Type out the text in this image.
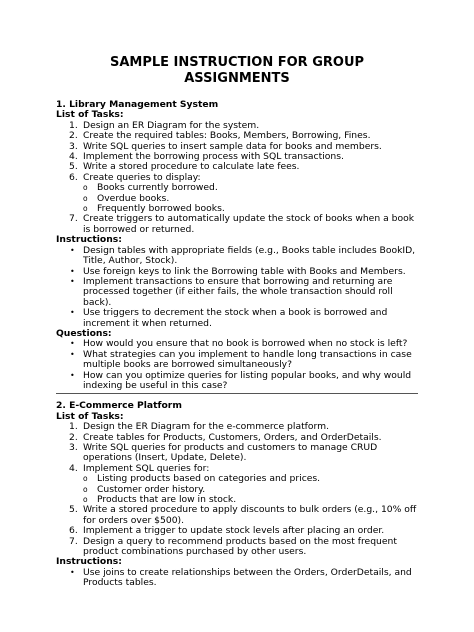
SAMPLE INSTRUCTION FOR GROUP ASSIGNMENTS
1. Library Management System
List of Tasks:
1. Design an ER Diagram for the system.
2. Create the required tables: Books, Members, Borrowing, Fines.
3. Write SQL queries to insert sample data for books and members.
4. Implement the borrowing process with SQL transactions.
5. Write a stored procedure to calculate late fees.
6. Create queries to display:
o Books currently borrowed.
o Overdue books.
o Frequently borrowed books.
7. Create triggers to automatically update the stock of books when a book is borrowed or returned.
Instructions:
• Design tables with appropriate fields (e.g., Books table includes BookID, Title, Author, Stock).
• Use foreign keys to link the Borrowing table with Books and Members.
• Implement transactions to ensure that borrowing and returning are processed together (if either fails, the whole transaction should roll back).
• Use triggers to decrement the stock when a book is borrowed and increment it when returned.
Questions:
• How would you ensure that no book is borrowed when no stock is left?
• What strategies can you implement to handle long transactions in case multiple books are borrowed simultaneously?
• How can you optimize queries for listing popular books, and why would indexing be useful in this case?
2. E-Commerce Platform
List of Tasks:
1. Design the ER Diagram for the e-commerce platform.
2. Create tables for Products, Customers, Orders, and OrderDetails.
3. Write SQL queries for products and customers to manage CRUD operations (Insert, Update, Delete).
4. Implement SQL queries for:
o Listing products based on categories and prices.
o Customer order history.
o Products that are low in stock.
5. Write a stored procedure to apply discounts to bulk orders (e.g., 10% off for orders over $500).
6. Implement a trigger to update stock levels after placing an order.
7. Design a query to recommend products based on the most frequent product combinations purchased by other users.
Instructions:
• Use joins to create relationships between the Orders, OrderDetails, and Products tables.
